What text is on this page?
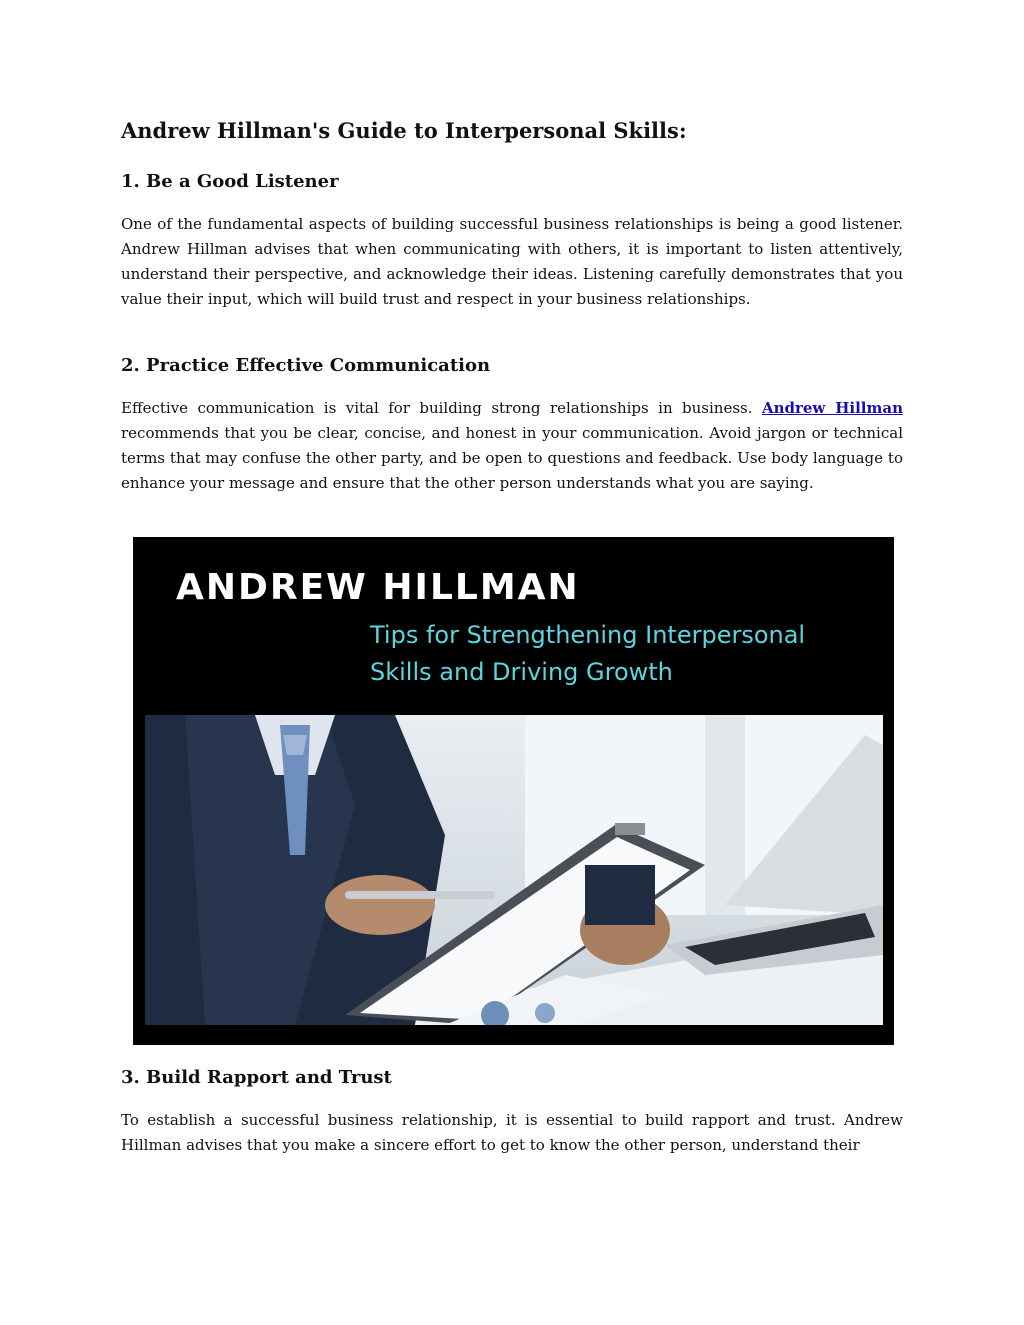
Andrew Hillman's Guide to Interpersonal Skills:
1. Be a Good Listener

One of the fundamental aspects of building successful business relationships is being a good listener. Andrew Hillman advises that when communicating with others, it is important to listen attentively, understand their perspective, and acknowledge their ideas. Listening carefully demonstrates that you value their input, which will build trust and respect in your business relationships.

2. Practice Effective Communication

Effective communication is vital for building strong relationships in business. Andrew Hillman recommends that you be clear, concise, and honest in your communication. Avoid jargon or technical terms that may confuse the other party, and be open to questions and feedback. Use body language to enhance your message and ensure that the other person understands what you are saying.

3. Build Rapport and Trust

To establish a successful business relationship, it is essential to build rapport and trust. Andrew Hillman advises that you make a sincere effort to get to know the other person, understand their

ANDREW HILLMAN
Tips for Strengthening Interpersonal Skills and Driving Growth
